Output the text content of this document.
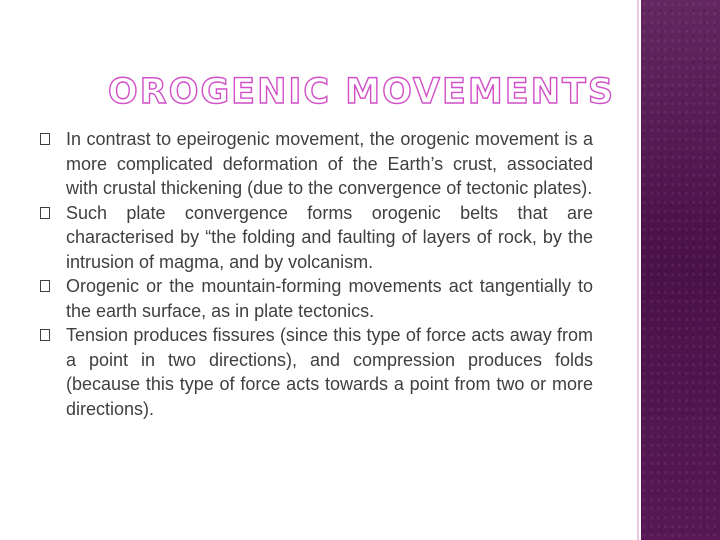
OROGENIC MOVEMENTS
In contrast to epeirogenic movement, the orogenic movement is a more complicated deformation of the Earth’s crust, associated with crustal thickening (due to the convergence of tectonic plates).
Such plate convergence forms orogenic belts that are characterised by “the folding and faulting of layers of rock, by the intrusion of magma, and by volcanism.
Orogenic or the mountain-forming movements act tangentially to the earth surface, as in plate tectonics.
Tension produces fissures (since this type of force acts away from a point in two directions), and compression produces folds (because this type of force acts towards a point from two or more directions).
